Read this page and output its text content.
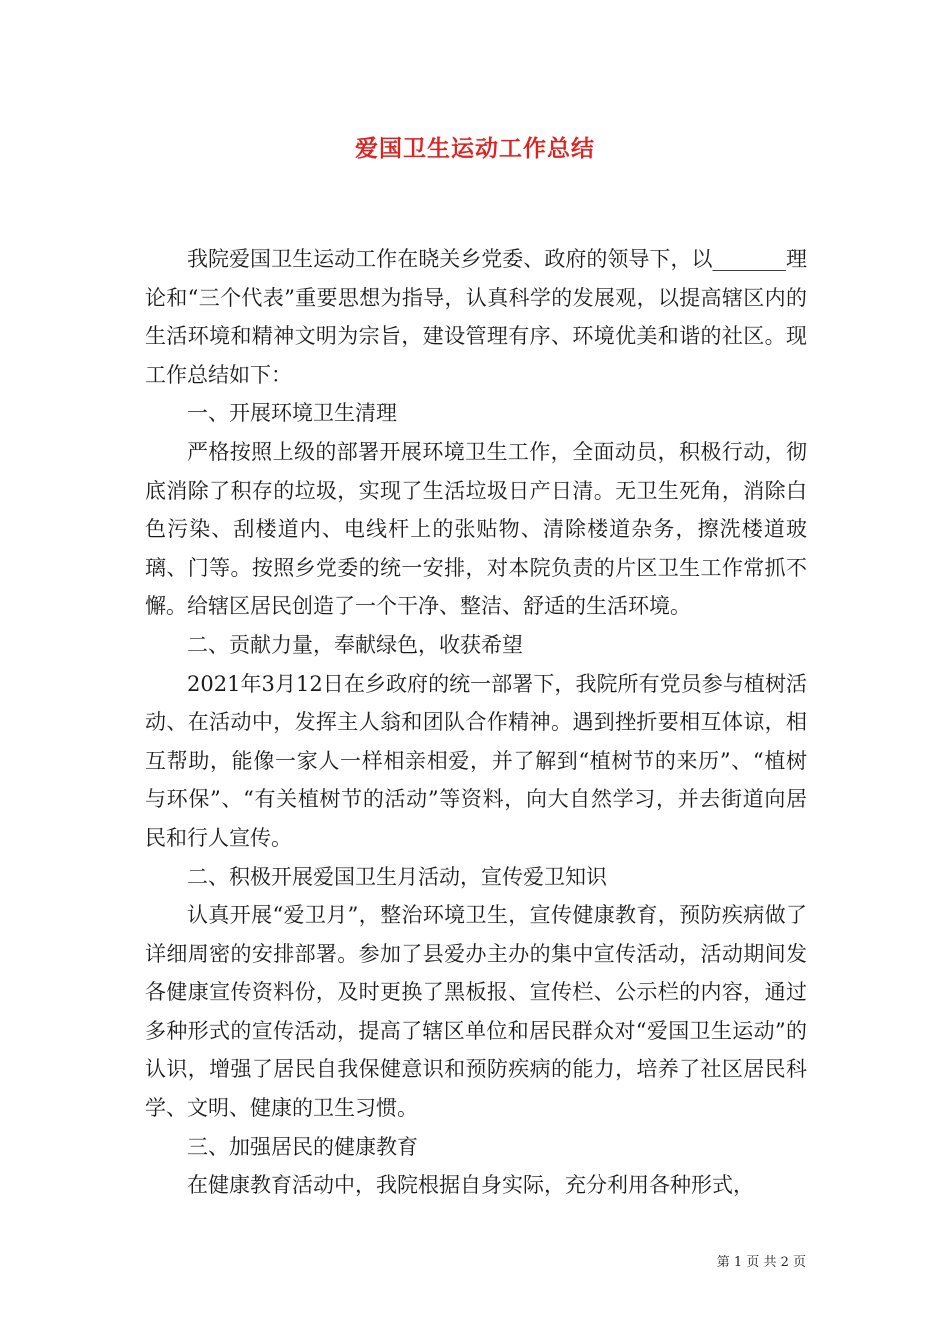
爱国卫生运动工作总结

我院爱国卫生运动工作在晓关乡党委、政府的领导下，以_______理论和“三个代表”重要思想为指导，认真科学的发展观，以提高辖区内的生活环境和精神文明为宗旨，建设管理有序、环境优美和谐的社区。现工作总结如下：

一、开展环境卫生清理

严格按照上级的部署开展环境卫生工作，全面动员，积极行动，彻底消除了积存的垃圾，实现了生活垃圾日产日清。无卫生死角，消除白色污染、刮楼道内、电线杆上的张贴物、清除楼道杂务，擦洗楼道玻璃、门等。按照乡党委的统一安排，对本院负责的片区卫生工作常抓不懈。给辖区居民创造了一个干净、整洁、舒适的生活环境。

二、贡献力量，奉献绿色，收获希望

2021年3月12日在乡政府的统一部署下，我院所有党员参与植树活动、在活动中，发挥主人翁和团队合作精神。遇到挫折要相互体谅，相互帮助，能像一家人一样相亲相爱，并了解到“植树节的来历”、“植树与环保”、“有关植树节的活动”等资料，向大自然学习，并去街道向居民和行人宣传。

二、积极开展爱国卫生月活动，宣传爱卫知识

认真开展“爱卫月”，整治环境卫生，宣传健康教育，预防疾病做了详细周密的安排部署。参加了县爱办主办的集中宣传活动，活动期间发各健康宣传资料份，及时更换了黑板报、宣传栏、公示栏的内容，通过多种形式的宣传活动，提高了辖区单位和居民群众对“爱国卫生运动”的认识，增强了居民自我保健意识和预防疾病的能力，培养了社区居民科学、文明、健康的卫生习惯。

三、加强居民的健康教育

在健康教育活动中，我院根据自身实际，充分利用各种形式，

第 1 页 共 2 页
